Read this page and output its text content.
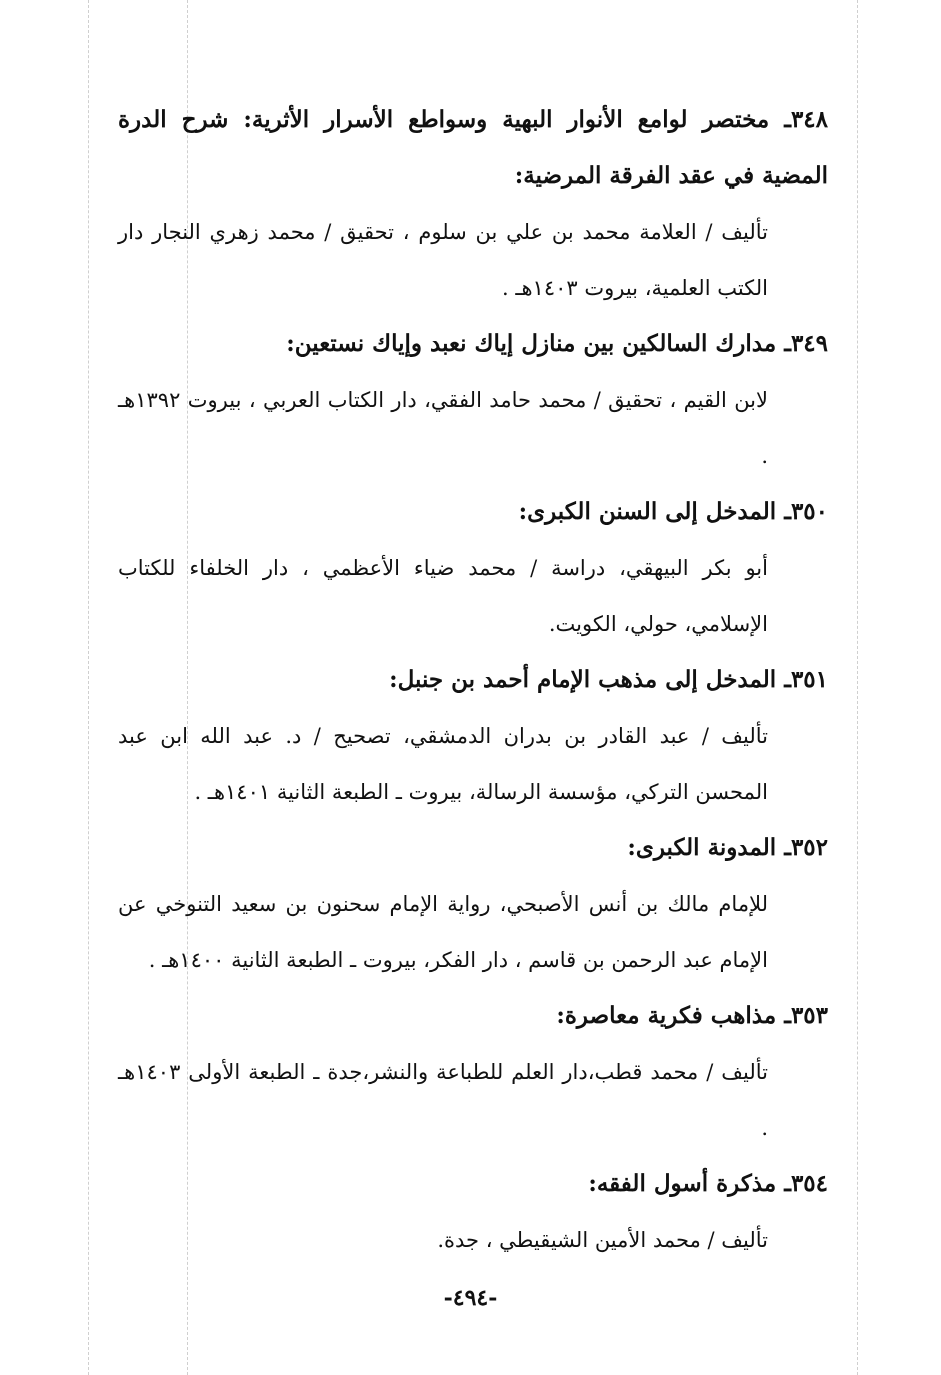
٣٤٨ـ مختصر لوامع الأنوار البهية وسواطع الأسرار الأثرية: شرح الدرة المضية في عقد الفرقة المرضية:

تأليف / العلامة محمد بن علي بن سلوم ، تحقيق / محمد زهري النجار دار الكتب العلمية، بيروت ١٤٠٣هـ .

٣٤٩ـ مدارك السالكين بين منازل إياك نعبد وإياك نستعين:

لابن القيم ، تحقيق / محمد حامد الفقي، دار الكتاب العربي ، بيروت ١٣٩٢هـ .

٣٥٠ـ المدخل إلى السنن الكبرى:

أبو بكر البيهقي، دراسة / محمد ضياء الأعظمي ، دار الخلفاء للكتاب الإسلامي، حولي، الكويت.

٣٥١ـ المدخل إلى مذهب الإمام أحمد بن جنبل:

تأليف / عبد القادر بن بدران الدمشقي، تصحيح / د. عبد الله ابن عبد المحسن التركي، مؤسسة الرسالة، بيروت ـ الطبعة الثانية ١٤٠١هـ .

٣٥٢ـ المدونة الكبرى:

للإمام مالك بن أنس الأصبحي، رواية الإمام سحنون بن سعيد التنوخي عن الإمام عبد الرحمن بن قاسم ، دار الفكر، بيروت ـ الطبعة الثانية ١٤٠٠هـ .

٣٥٣ـ مذاهب فكرية معاصرة:

تأليف / محمد قطب،دار العلم للطباعة والنشر،جدة ـ الطبعة الأولى ١٤٠٣هـ .

٣٥٤ـ مذكرة أسول الفقه:

تأليف / محمد الأمين الشيقيطي ، جدة.

-٤٩٤-
